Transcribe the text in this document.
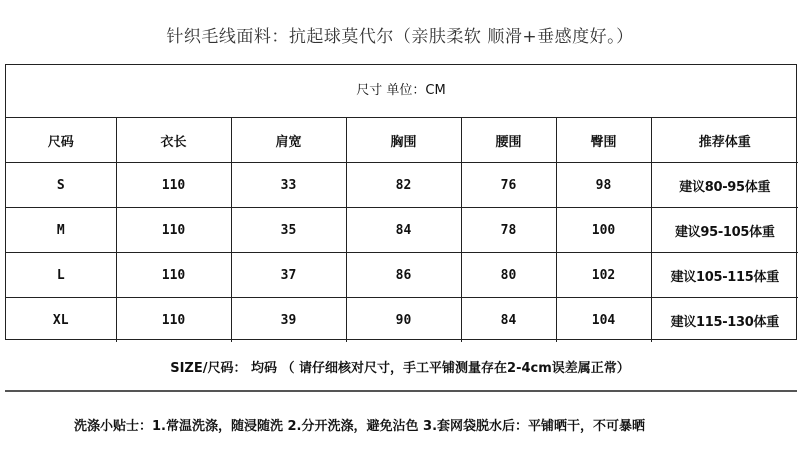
针织毛线面料：抗起球莫代尔（亲肤柔软 顺滑+垂感度好。）
尺寸 单位：CM
尺码	衣长	肩宽	胸围	腰围	臀围	推荐体重
S	110	33	82	76	98	建议80-95体重
M	110	35	84	78	100	建议95-105体重
L	110	37	86	80	102	建议105-115体重
XL	110	39	90	84	104	建议115-130体重
SIZE/尺码： 均码 （ 请仔细核对尺寸，手工平铺测量存在2-4cm误差属正常）
洗涤小贴士：1.常温洗涤，随浸随洗 2.分开洗涤，避免沾色 3.套网袋脱水后：平铺晒干，不可暴晒
